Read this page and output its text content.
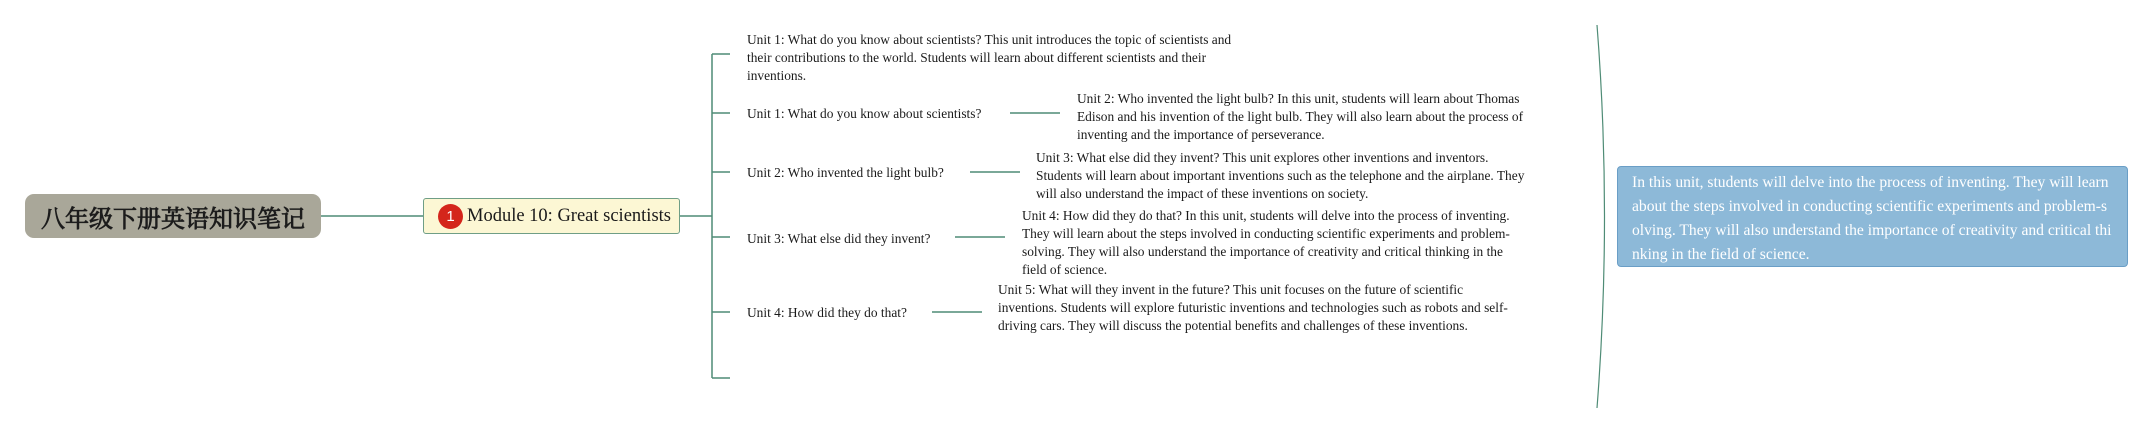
八年级下册英语知识笔记	1 Module 10: Great scientists
Unit 1: What do you know about scientists? This unit introduces the topic of scientists and their contributions to the world. Students will learn about different scientists and their inventions.
Unit 1: What do you know about scientists?
Unit 2: Who invented the light bulb? In this unit, students will learn about Thomas Edison and his invention of the light bulb. They will also learn about the process of inventing and the importance of perseverance.
Unit 2: Who invented the light bulb?
Unit 3: What else did they invent? This unit explores other inventions and inventors. Students will learn about important inventions such as the telephone and the airplane. They will also understand the impact of these inventions on society.
Unit 3: What else did they invent?
Unit 4: How did they do that? In this unit, students will delve into the process of inventing. They will learn about the steps involved in conducting scientific experiments and problem-solving. They will also understand the importance of creativity and critical thinking in the field of science.
Unit 4: How did they do that?
Unit 5: What will they invent in the future? This unit focuses on the future of scientific inventions. Students will explore futuristic inventions and technologies such as robots and self-driving cars. They will discuss the potential benefits and challenges of these inventions.
In this unit, students will delve into the process of inventing. They will learn about the steps involved in conducting scientific experiments and problem-solving. They will also understand the importance of creativity and critical thinking in the field of science.
